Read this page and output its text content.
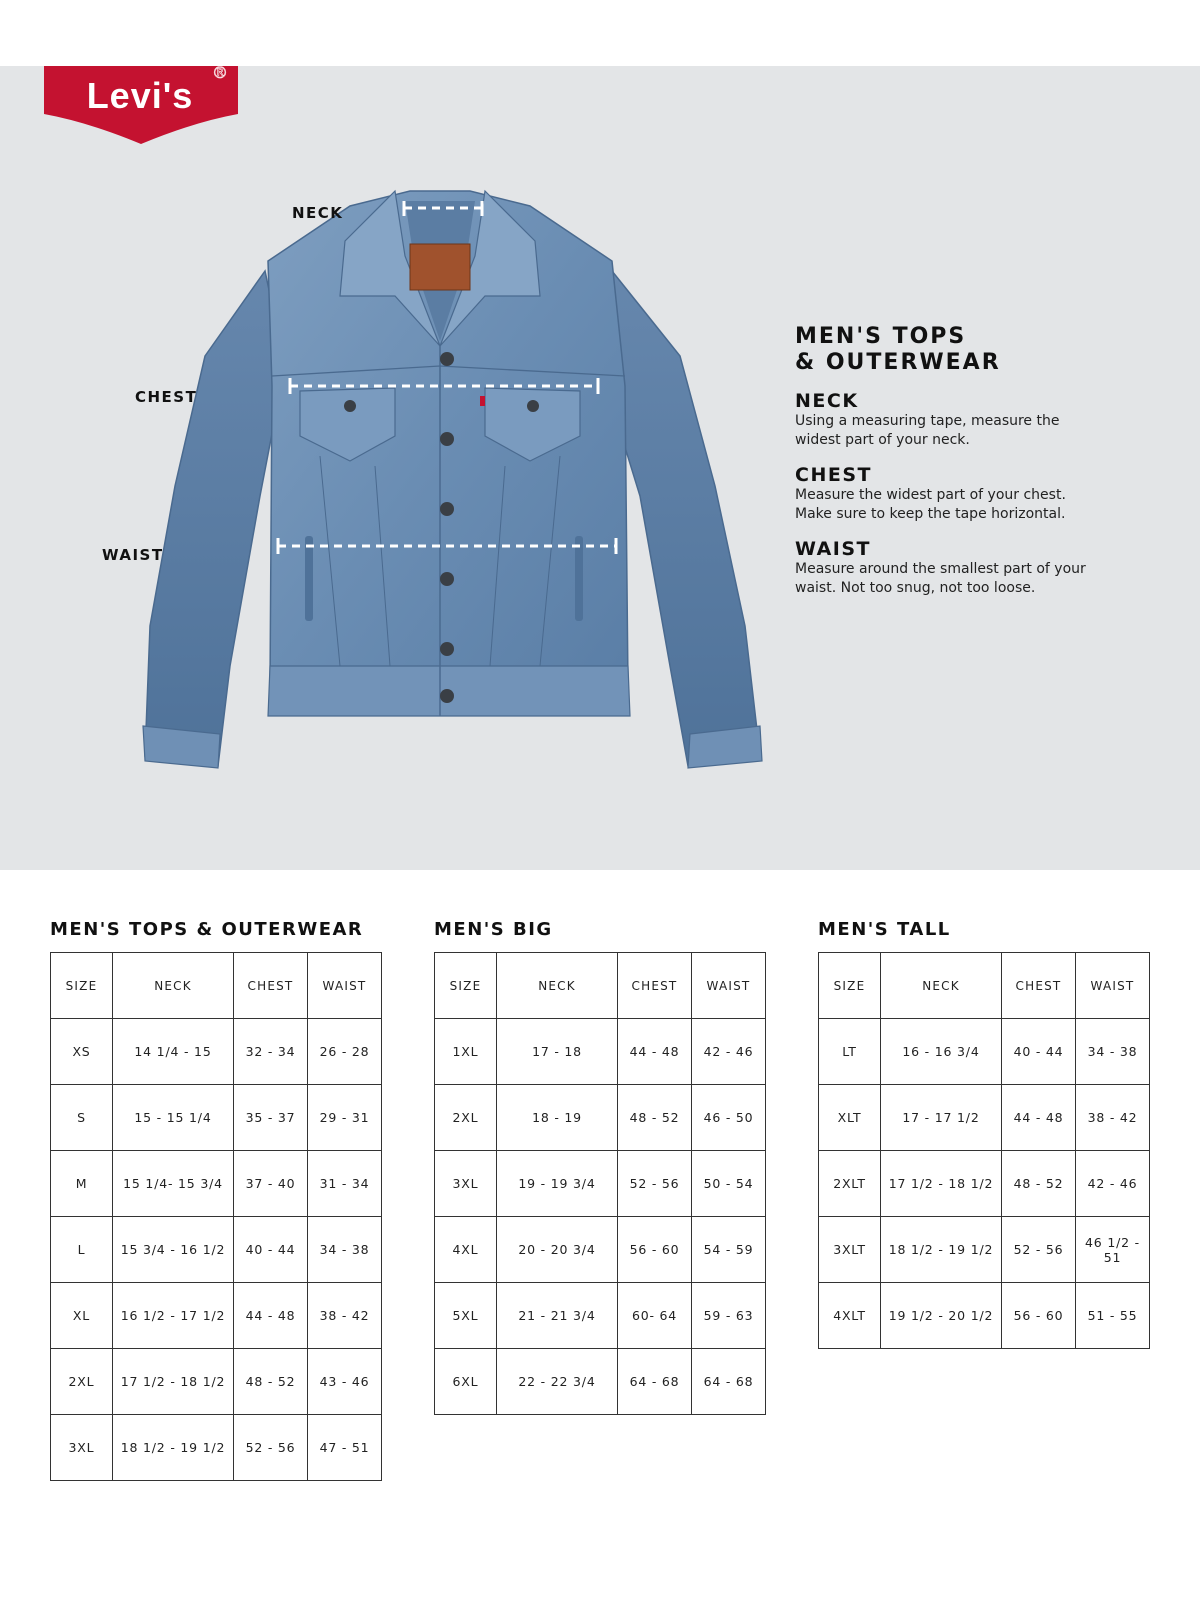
Levi's
®
NECK
CHEST
WAIST
MEN'S TOPS
& OUTERWEAR
NECK

Using a measuring tape, measure the
widest part of your neck.

CHEST

Measure the widest part of your chest.
Make sure to keep the tape horizontal.

WAIST

Measure around the smallest part of your
waist. Not too snug, not too loose.

MEN'S TOPS & OUTERWEAR
SIZE	NECK	CHEST	WAIST
XS	14 1/4 - 15	32 - 34	26 - 28
S	15 - 15 1/4	35 - 37	29 - 31
M	15 1/4- 15 3/4	37 - 40	31 - 34
L	15 3/4 - 16 1/2	40 - 44	34 - 38
XL	16 1/2 - 17 1/2	44 - 48	38 - 42
2XL	17 1/2 - 18 1/2	48 - 52	43 - 46
3XL	18 1/2 - 19 1/2	52 - 56	47 - 51
MEN'S BIG
SIZE	NECK	CHEST	WAIST
1XL	17 - 18	44 - 48	42 - 46
2XL	18 - 19	48 - 52	46 - 50
3XL	19 - 19 3/4	52 - 56	50 - 54
4XL	20 - 20 3/4	56 - 60	54 - 59
5XL	21 - 21 3/4	60- 64	59 - 63
6XL	22 - 22 3/4	64 - 68	64 - 68
MEN'S TALL
SIZE	NECK	CHEST	WAIST
LT	16 - 16 3/4	40 - 44	34 - 38
XLT	17 - 17 1/2	44 - 48	38 - 42
2XLT	17 1/2 - 18 1/2	48 - 52	42 - 46
3XLT	18 1/2 - 19 1/2	52 - 56	46 1/2 - 51
4XLT	19 1/2 - 20 1/2	56 - 60	51 - 55
